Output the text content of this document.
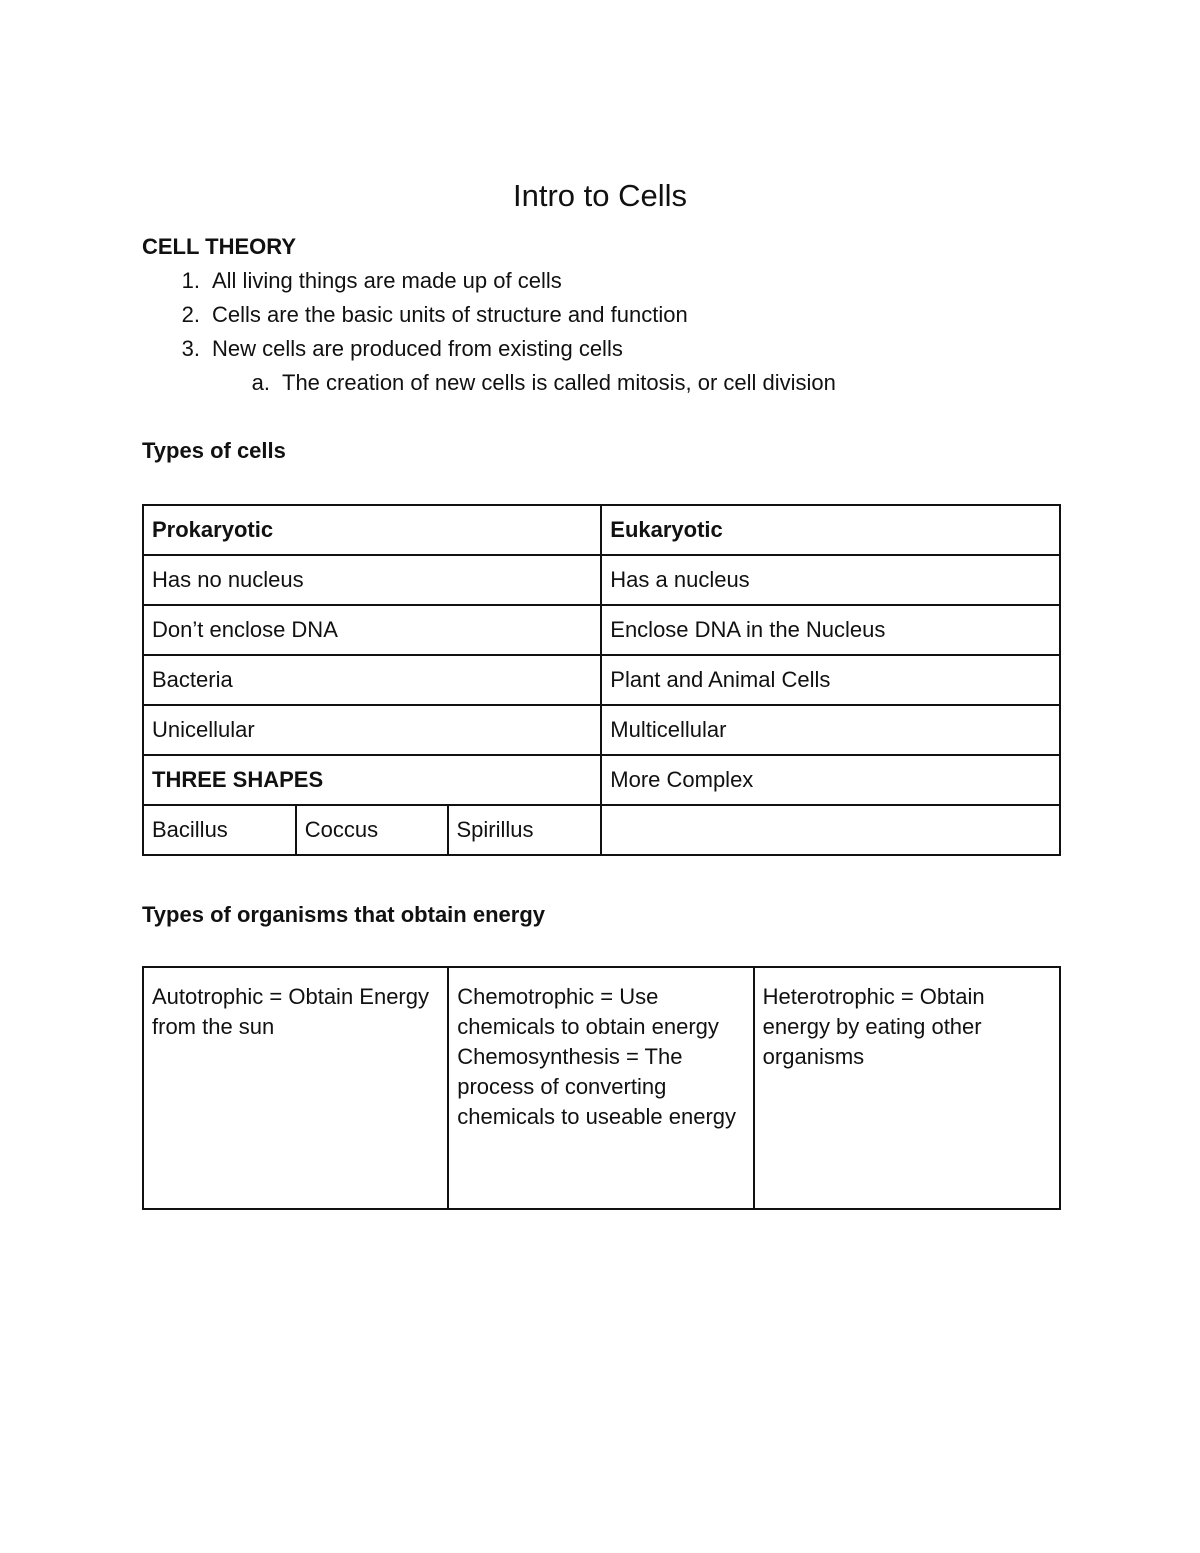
Intro to Cells
CELL THEORY
1. All living things are made up of cells
2. Cells are the basic units of structure and function
3. New cells are produced from existing cells
a. The creation of new cells is called mitosis, or cell division
Types of cells
Prokaryotic			Eukaryotic
Has no nucleus			Has a nucleus
Don’t enclose DNA			Enclose DNA in the Nucleus
Bacteria			Plant and Animal Cells
Unicellular			Multicellular
THREE SHAPES			More Complex
Bacillus	Coccus	Spirillus	
Types of organisms that obtain energy
Autotrophic = Obtain Energy from the sun	Chemotrophic = Use chemicals to obtain energy Chemosynthesis = The process of converting chemicals to useable energy	Heterotrophic = Obtain energy by eating other organisms
